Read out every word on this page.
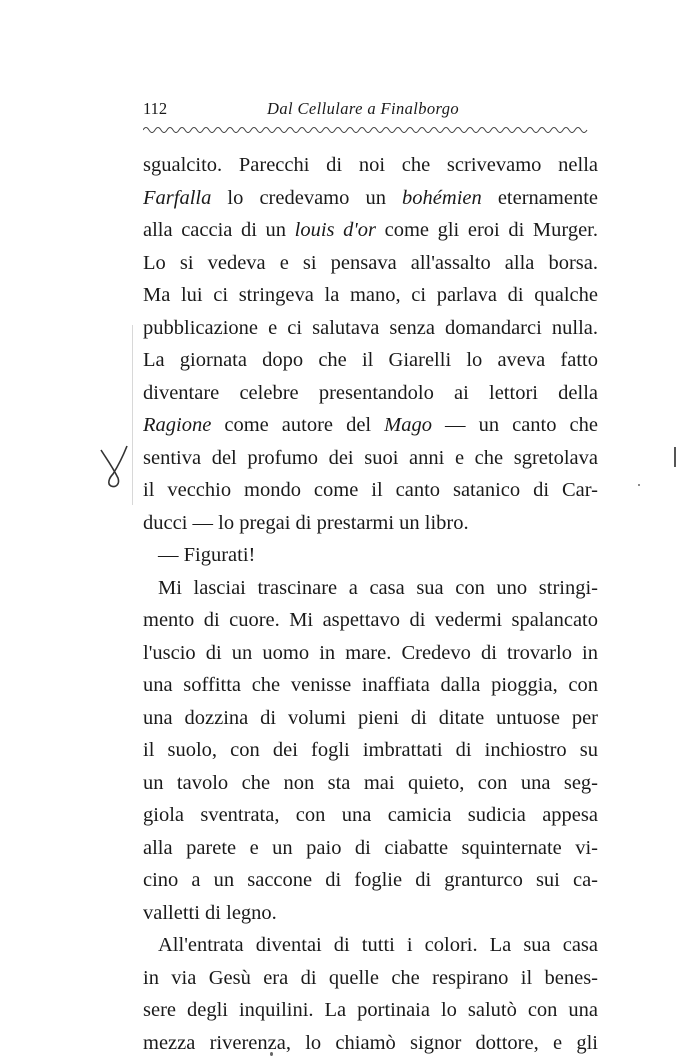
112	Dal Cellulare a Finalborgo
sgualcito. Parecchi di noi che scrivevamo nella
Farfalla lo credevamo un bohémien eternamente
alla caccia di un louis d'or come gli eroi di Murger.
Lo si vedeva e si pensava all'assalto alla borsa.
Ma lui ci stringeva la mano, ci parlava di qualche
pubblicazione e ci salutava senza domandarci nulla.
La giornata dopo che il Giarelli lo aveva fatto
diventare celebre presentandolo ai lettori della
Ragione come autore del Mago — un canto che
sentiva del profumo dei suoi anni e che sgretolava
il vecchio mondo come il canto satanico di Car-
ducci — lo pregai di prestarmi un libro.
— Figurati!
Mi lasciai trascinare a casa sua con uno stringi-
mento di cuore. Mi aspettavo di vedermi spalancato
l'uscio di un uomo in mare. Credevo di trovarlo in
una soffitta che venisse inaffiata dalla pioggia, con
una dozzina di volumi pieni di ditate untuose per
il suolo, con dei fogli imbrattati di inchiostro su
un tavolo che non sta mai quieto, con una seg-
giola sventrata, con una camicia sudicia appesa
alla parete e un paio di ciabatte squinternate vi-
cino a un saccone di foglie di granturco sui ca-
valletti di legno.
All'entrata diventai di tutti i colori. La sua casa
in via Gesù era di quelle che respirano il benes-
sere degli inquilini. La portinaia lo salutò con una
mezza riverenza, lo chiamò signor dottore, e gli
